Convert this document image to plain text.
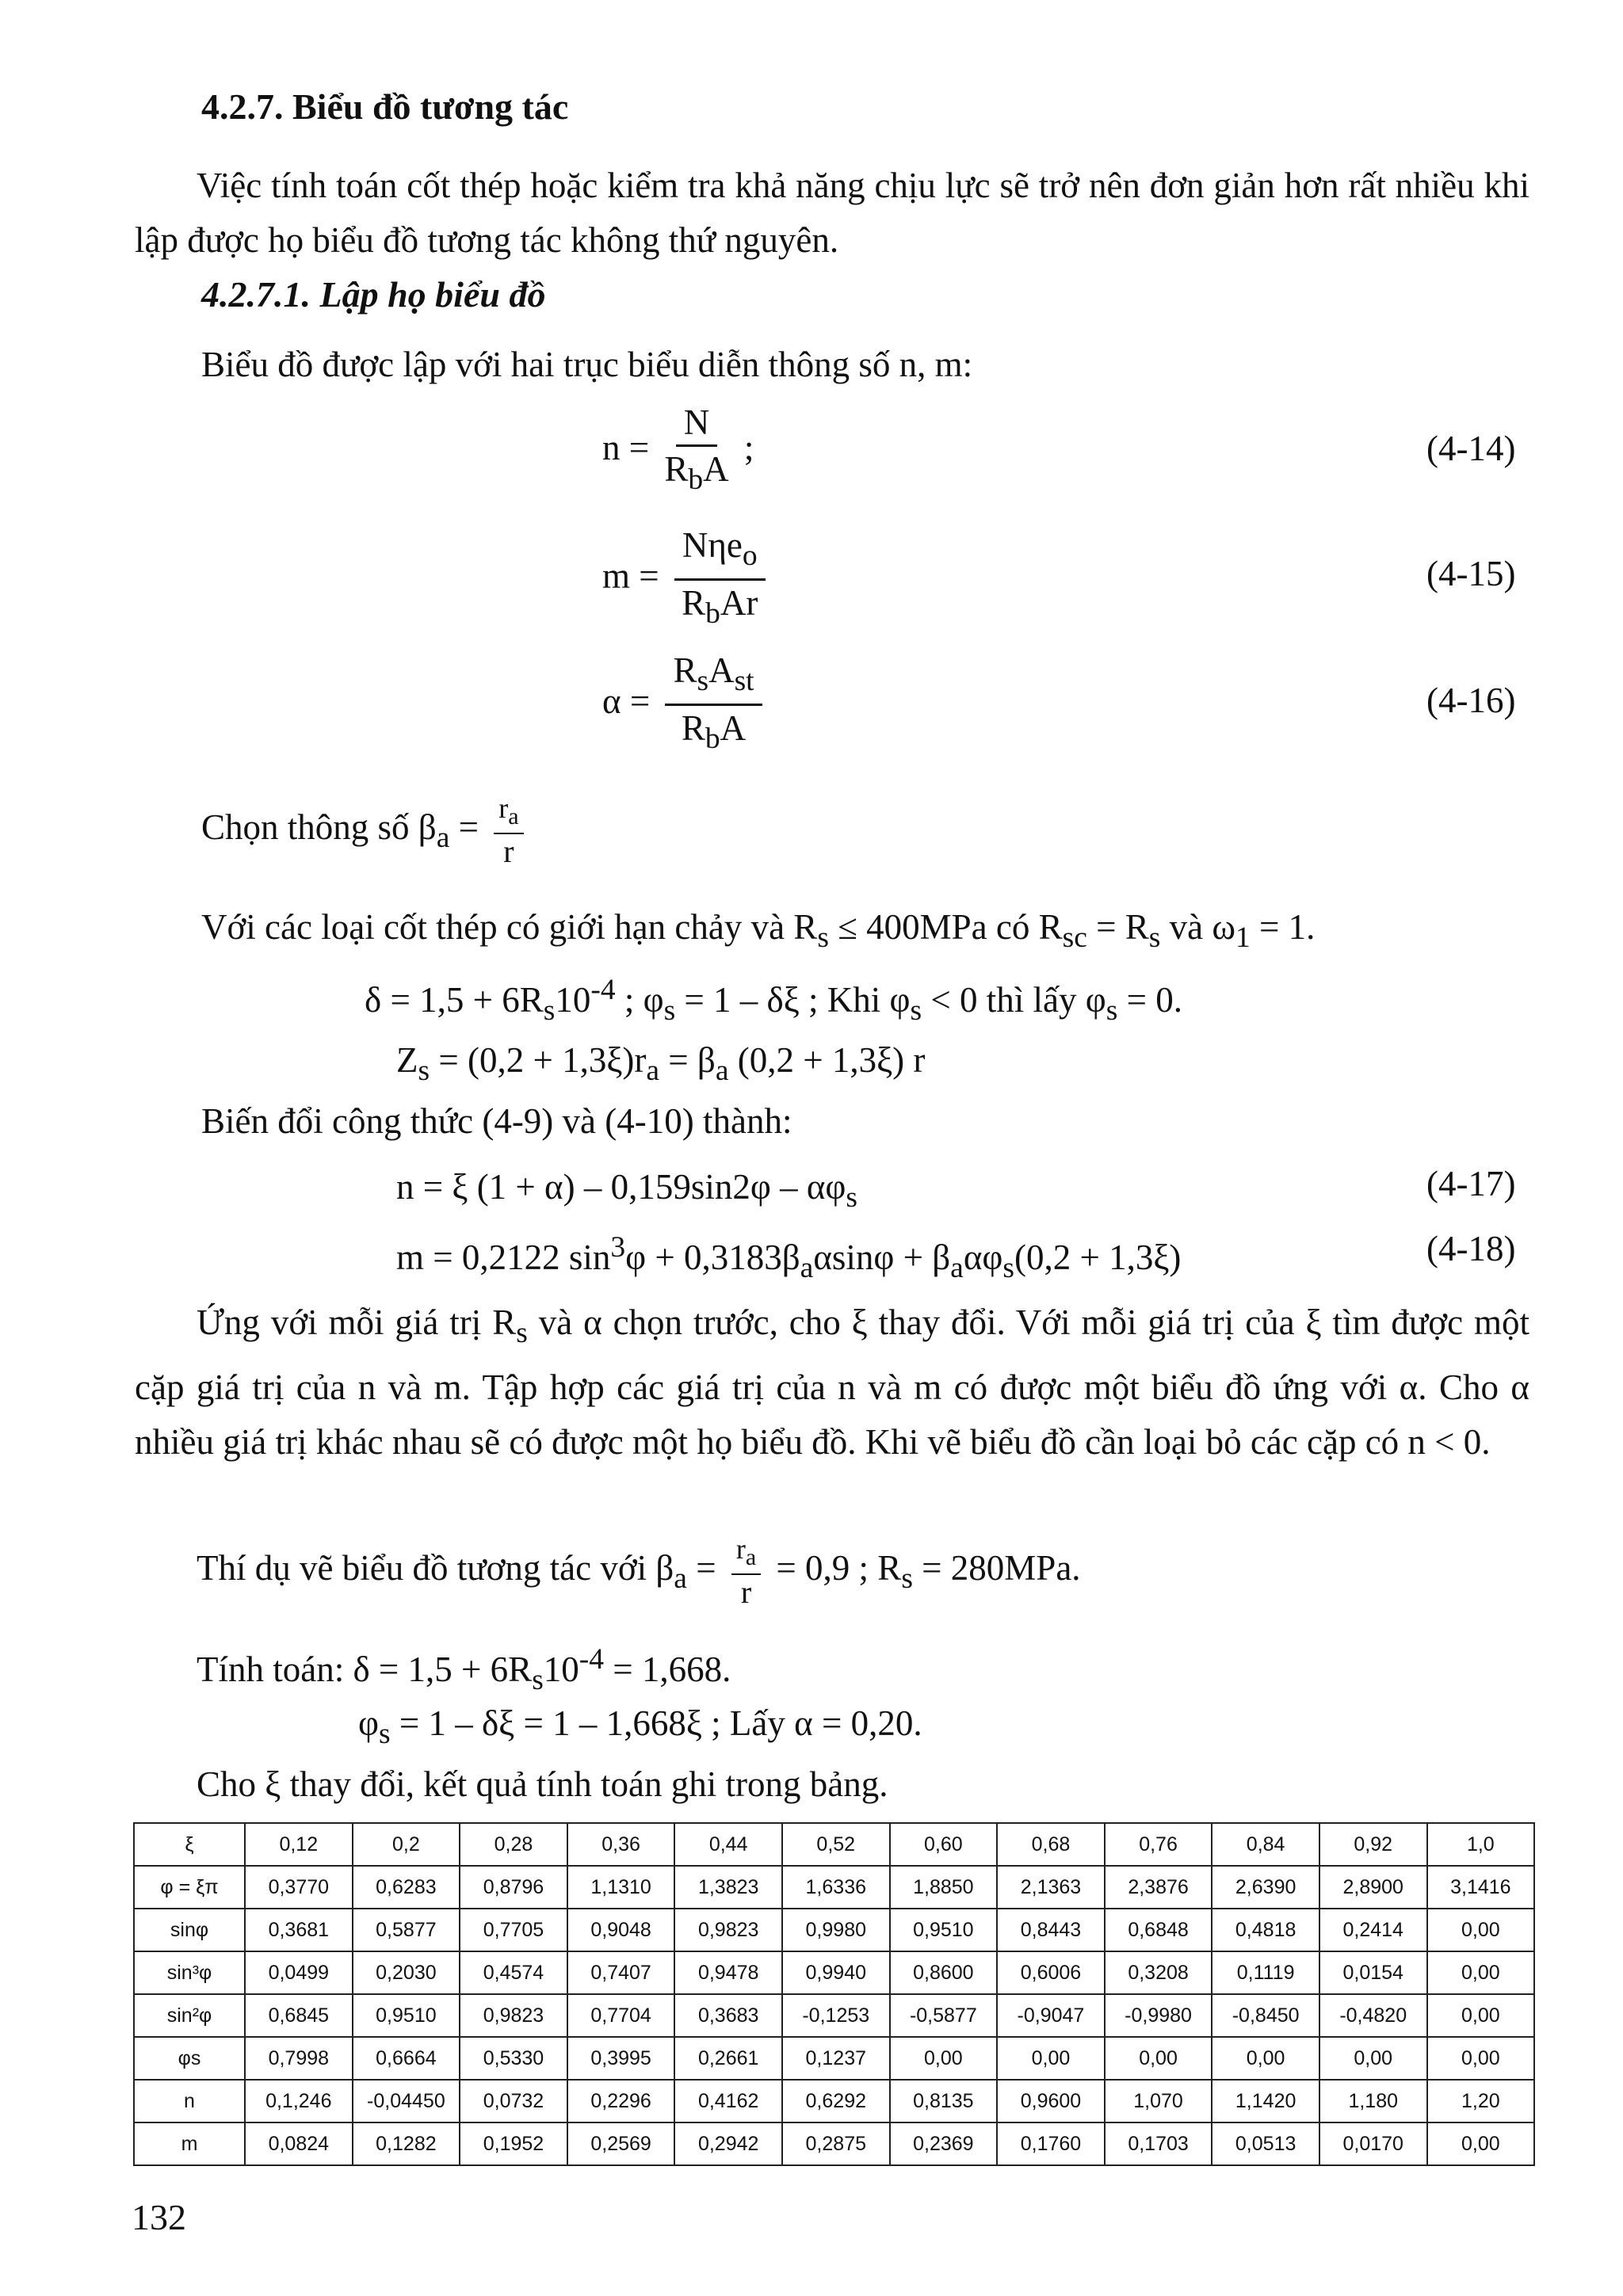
4.2.7. Biểu đồ tương tác
Việc tính toán cốt thép hoặc kiểm tra khả năng chịu lực sẽ trở nên đơn giản hơn rất nhiều khi lập được họ biểu đồ tương tác không thứ nguyên.
4.2.7.1. Lập họ biểu đồ
Biểu đồ được lập với hai trục biểu diễn thông số n, m:
$n = \frac{N}{R_bA}$ ;	(4-14)
$m = \frac{N\eta e_o}{R_bAr}$	(4-15)
$\alpha = \frac{R_sA_{st}}{R_bA}$	(4-16)
Chọn thông số $\beta_a = \frac{r_a}{r}$
Với các loại cốt thép có giới hạn chảy và $R_s \le 400MPa$ có $R_{sc} = R_s$ và $\omega_1 = 1$.
$\delta = 1,5 + 6R_s10^{-4}$ ; $\varphi_s = 1 - \delta\xi$ ; Khi $\varphi_s < 0$ thì lấy $\varphi_s = 0$.
$Z_s = (0,2 + 1,3\xi)r_a = \beta_a$ (0,2 + 1,3ξ) r
Biến đổi công thức (4-9) và (4-10) thành:
n = ξ $(1 + \alpha) - 0,159\sin 2\varphi - \alpha\varphi_s$	(4-17)
m = 0,2122 $\sin^3\varphi + 0,3183\beta_a\alpha\sin\varphi + \beta_a\alpha\varphi_s(0,2 + 1,3\xi)$	(4-18)
Ứng với mỗi giá trị $R_s$ và α chọn trước, cho ξ thay đổi. Với mỗi giá trị của ξ tìm được một cặp giá trị của n và m. Tập hợp các giá trị của n và m có được một biểu đồ ứng với α. Cho α nhiều giá trị khác nhau sẽ có được một họ biểu đồ. Khi vẽ biểu đồ cần loại bỏ các cặp có n < 0.
Thí dụ vẽ biểu đồ tương tác với $\beta_a = \frac{r_a}{r} = 0,9$ ; $R_s = 280MPa$.
Tính toán: $\delta = 1,5 + 6R_s10^{-4} = 1,668$.
$\varphi_s = 1 - \delta\xi = 1 - 1,668\xi$ ; Lấy α = 0,20.
Cho ξ thay đổi, kết quả tính toán ghi trong bảng.
ξ	0,12	0,2	0,28	0,36	0,44	0,52	0,60	0,68	0,76	0,84	0,92	1,0
φ = ξπ	0,3770	0,6283	0,8796	1,1310	1,3823	1,6336	1,8850	2,1363	2,3876	2,6390	2,8900	3,1416
sinφ	0,3681	0,5877	0,7705	0,9048	0,9823	0,9980	0,9510	0,8443	0,6848	0,4818	0,2414	0,00
sin³φ	0,0499	0,2030	0,4574	0,7407	0,9478	0,9940	0,8600	0,6006	0,3208	0,1119	0,0154	0,00
sin²φ	0,6845	0,9510	0,9823	0,7704	0,3683	-0,1253	-0,5877	-0,9047	-0,9980	-0,8450	-0,4820	0,00
φs	0,7998	0,6664	0,5330	0,3995	0,2661	0,1237	0,00	0,00	0,00	0,00	0,00	0,00
n	0,1,246	-0,04450	0,0732	0,2296	0,4162	0,6292	0,8135	0,9600	1,070	1,1420	1,180	1,20
m	0,0824	0,1282	0,1952	0,2569	0,2942	0,2875	0,2369	0,1760	0,1703	0,0513	0,0170	0,00
132
